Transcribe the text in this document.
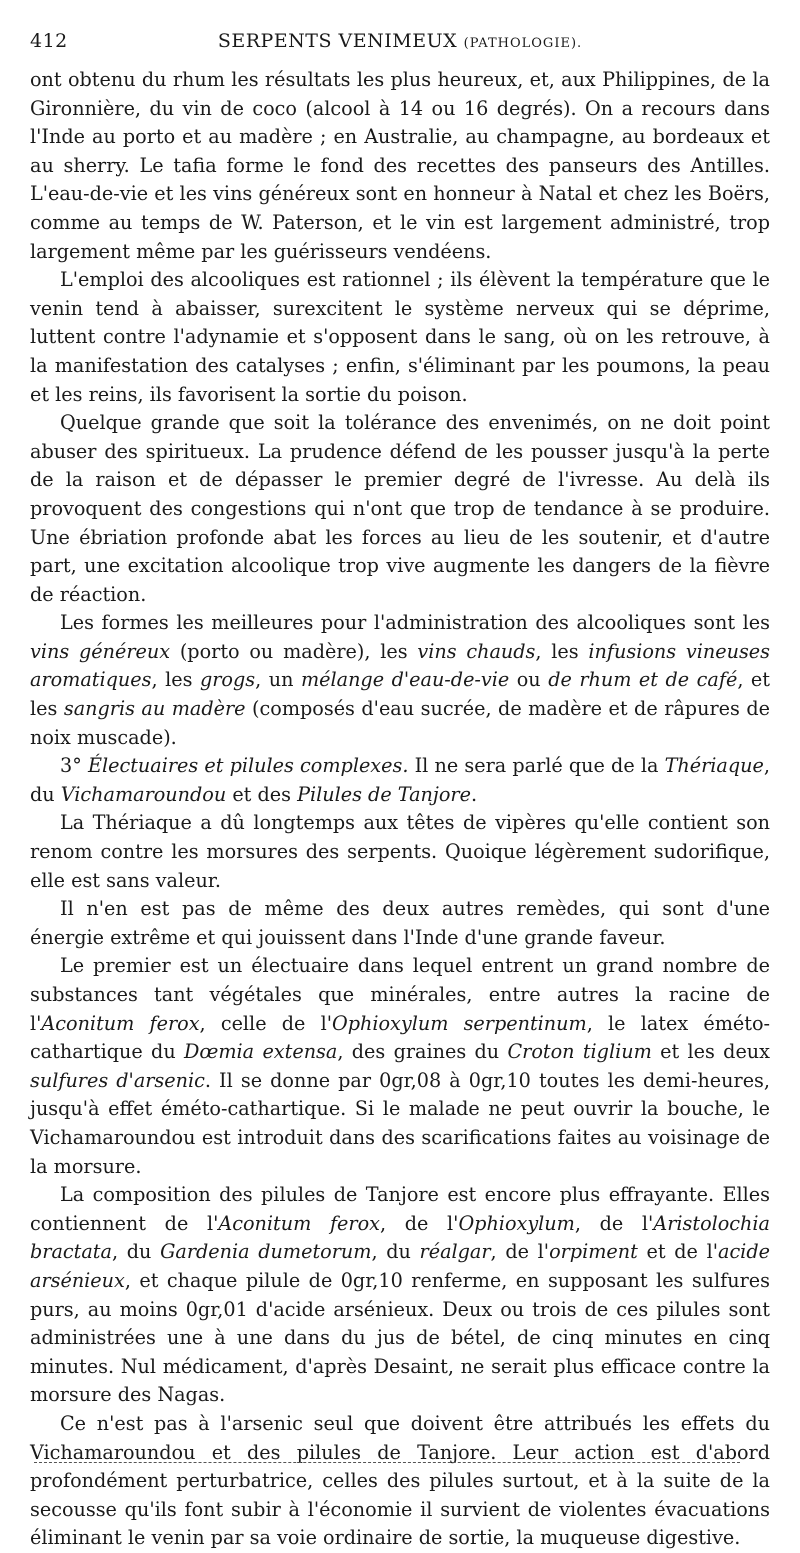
412	SERPENTS VENIMEUX (PATHOLOGIE).

ont obtenu du rhum les résultats les plus heureux, et, aux Philippines, de la Gironnière, du vin de coco (alcool à 14 ou 16 degrés). On a recours dans l'Inde au porto et au madère ; en Australie, au champagne, au bordeaux et au sherry. Le tafia forme le fond des recettes des panseurs des Antilles. L'eau-de-vie et les vins généreux sont en honneur à Natal et chez les Boërs, comme au temps de W. Paterson, et le vin est largement administré, trop largement même par les guérisseurs vendéens.

L'emploi des alcooliques est rationnel ; ils élèvent la température que le venin tend à abaisser, surexcitent le système nerveux qui se déprime, luttent contre l'adynamie et s'opposent dans le sang, où on les retrouve, à la manifestation des catalyses ; enfin, s'éliminant par les poumons, la peau et les reins, ils favorisent la sortie du poison.

Quelque grande que soit la tolérance des envenimés, on ne doit point abuser des spiritueux. La prudence défend de les pousser jusqu'à la perte de la raison et de dépasser le premier degré de l'ivresse. Au delà ils provoquent des congestions qui n'ont que trop de tendance à se produire. Une ébriation profonde abat les forces au lieu de les soutenir, et d'autre part, une excitation alcoolique trop vive augmente les dangers de la fièvre de réaction.

Les formes les meilleures pour l'administration des alcooliques sont les vins généreux (porto ou madère), les vins chauds, les infusions vineuses aromatiques, les grogs, un mélange d'eau-de-vie ou de rhum et de café, et les sangris au madère (composés d'eau sucrée, de madère et de râpures de noix muscade).

3° Électuaires et pilules complexes. Il ne sera parlé que de la Thériaque, du Vichamaroundou et des Pilules de Tanjore.

La Thériaque a dû longtemps aux têtes de vipères qu'elle contient son renom contre les morsures des serpents. Quoique légèrement sudorifique, elle est sans valeur.

Il n'en est pas de même des deux autres remèdes, qui sont d'une énergie extrême et qui jouissent dans l'Inde d'une grande faveur.

Le premier est un électuaire dans lequel entrent un grand nombre de substances tant végétales que minérales, entre autres la racine de l'Aconitum ferox, celle de l'Ophioxylum serpentinum, le latex éméto-cathartique du Dœmia extensa, des graines du Croton tiglium et les deux sulfures d'arsenic. Il se donne par 0gr,08 à 0gr,10 toutes les demi-heures, jusqu'à effet éméto-cathartique. Si le malade ne peut ouvrir la bouche, le Vichamaroundou est introduit dans des scarifications faites au voisinage de la morsure.

La composition des pilules de Tanjore est encore plus effrayante. Elles contiennent de l'Aconitum ferox, de l'Ophioxylum, de l'Aristolochia bractata, du Gardenia dumetorum, du réalgar, de l'orpiment et de l'acide arsénieux, et chaque pilule de 0gr,10 renferme, en supposant les sulfures purs, au moins 0gr,01 d'acide arsénieux. Deux ou trois de ces pilules sont administrées une à une dans du jus de bétel, de cinq minutes en cinq minutes. Nul médicament, d'après Desaint, ne serait plus efficace contre la morsure des Nagas.

Ce n'est pas à l'arsenic seul que doivent être attribués les effets du Vichamaroundou et des pilules de Tanjore. Leur action est d'abord profondément perturbatrice, celles des pilules surtout, et à la suite de la secousse qu'ils font subir à l'économie il survient de violentes évacuations éliminant le venin par sa voie ordinaire de sortie, la muqueuse digestive.
